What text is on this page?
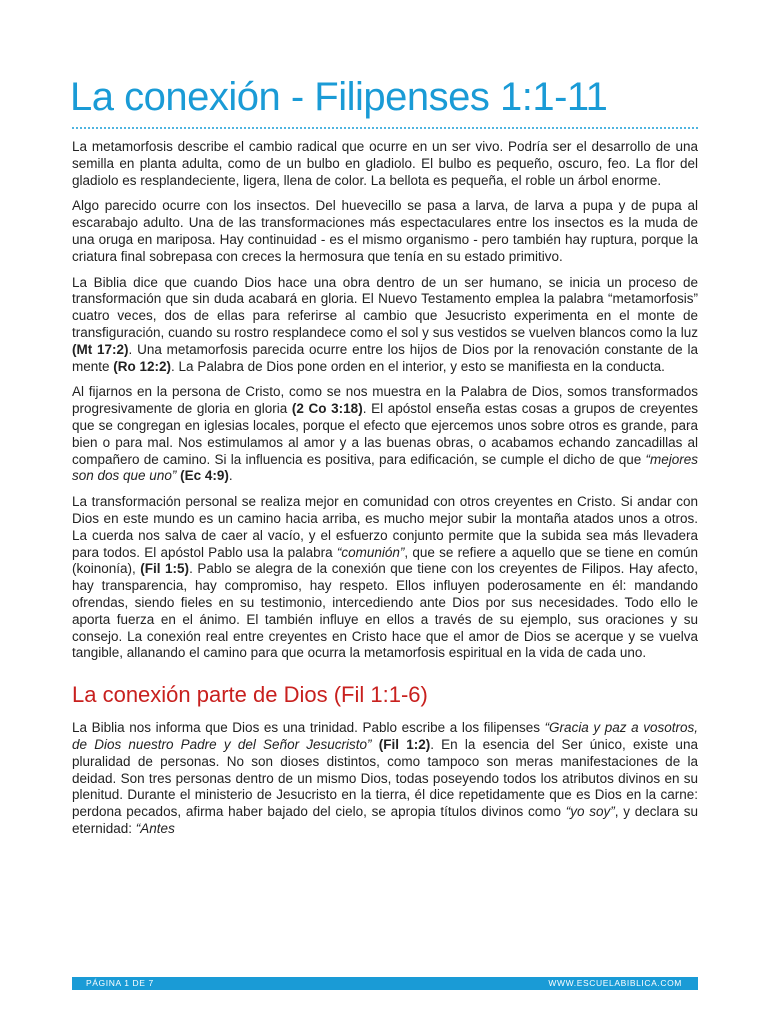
La conexión - Filipenses 1:1-11

La metamorfosis describe el cambio radical que ocurre en un ser vivo. Podría ser el desarrollo de una semilla en planta adulta, como de un bulbo en gladiolo. El bulbo es pequeño, oscuro, feo. La flor del gladiolo es resplandeciente, ligera, llena de color. La bellota es pequeña, el roble un árbol enorme.

Algo parecido ocurre con los insectos. Del huevecillo se pasa a larva, de larva a pupa y de pupa al escarabajo adulto. Una de las transformaciones más espectaculares entre los insectos es la muda de una oruga en mariposa. Hay continuidad - es el mismo organismo - pero también hay ruptura, porque la criatura final sobrepasa con creces la hermosura que tenía en su estado primitivo.

La Biblia dice que cuando Dios hace una obra dentro de un ser humano, se inicia un proceso de transformación que sin duda acabará en gloria. El Nuevo Testamento emplea la palabra “metamorfosis” cuatro veces, dos de ellas para referirse al cambio que Jesucristo experimenta en el monte de transfiguración, cuando su rostro resplandece como el sol y sus vestidos se vuelven blancos como la luz (Mt 17:2). Una metamorfosis parecida ocurre entre los hijos de Dios por la renovación constante de la mente (Ro 12:2). La Palabra de Dios pone orden en el interior, y esto se manifiesta en la conducta.

Al fijarnos en la persona de Cristo, como se nos muestra en la Palabra de Dios, somos transformados progresivamente de gloria en gloria (2 Co 3:18). El apóstol enseña estas cosas a grupos de creyentes que se congregan en iglesias locales, porque el efecto que ejercemos unos sobre otros es grande, para bien o para mal. Nos estimulamos al amor y a las buenas obras, o acabamos echando zancadillas al compañero de camino. Si la influencia es positiva, para edificación, se cumple el dicho de que “mejores son dos que uno” (Ec 4:9).

La transformación personal se realiza mejor en comunidad con otros creyentes en Cristo. Si andar con Dios en este mundo es un camino hacia arriba, es mucho mejor subir la montaña atados unos a otros. La cuerda nos salva de caer al vacío, y el esfuerzo conjunto permite que la subida sea más llevadera para todos. El apóstol Pablo usa la palabra “comunión”, que se refiere a aquello que se tiene en común (koinonía), (Fil 1:5). Pablo se alegra de la conexión que tiene con los creyentes de Filipos. Hay afecto, hay transparencia, hay compromiso, hay respeto. Ellos influyen poderosamente en él: mandando ofrendas, siendo fieles en su testimonio, intercediendo ante Dios por sus necesidades. Todo ello le aporta fuerza en el ánimo. El también influye en ellos a través de su ejemplo, sus oraciones y su consejo. La conexión real entre creyentes en Cristo hace que el amor de Dios se acerque y se vuelva tangible, allanando el camino para que ocurra la metamorfosis espiritual en la vida de cada uno.

La conexión parte de Dios (Fil 1:1-6)

La Biblia nos informa que Dios es una trinidad. Pablo escribe a los filipenses “Gracia y paz a vosotros, de Dios nuestro Padre y del Señor Jesucristo” (Fil 1:2). En la esencia del Ser único, existe una pluralidad de personas. No son dioses distintos, como tampoco son meras manifestaciones de la deidad. Son tres personas dentro de un mismo Dios, todas poseyendo todos los atributos divinos en su plenitud. Durante el ministerio de Jesucristo en la tierra, él dice repetidamente que es Dios en la carne: perdona pecados, afirma haber bajado del cielo, se apropia títulos divinos como “yo soy”, y declara su eternidad: “Antes

PÁGINA 1 DE 7	WWW.ESCUELABIBLICA.COM
